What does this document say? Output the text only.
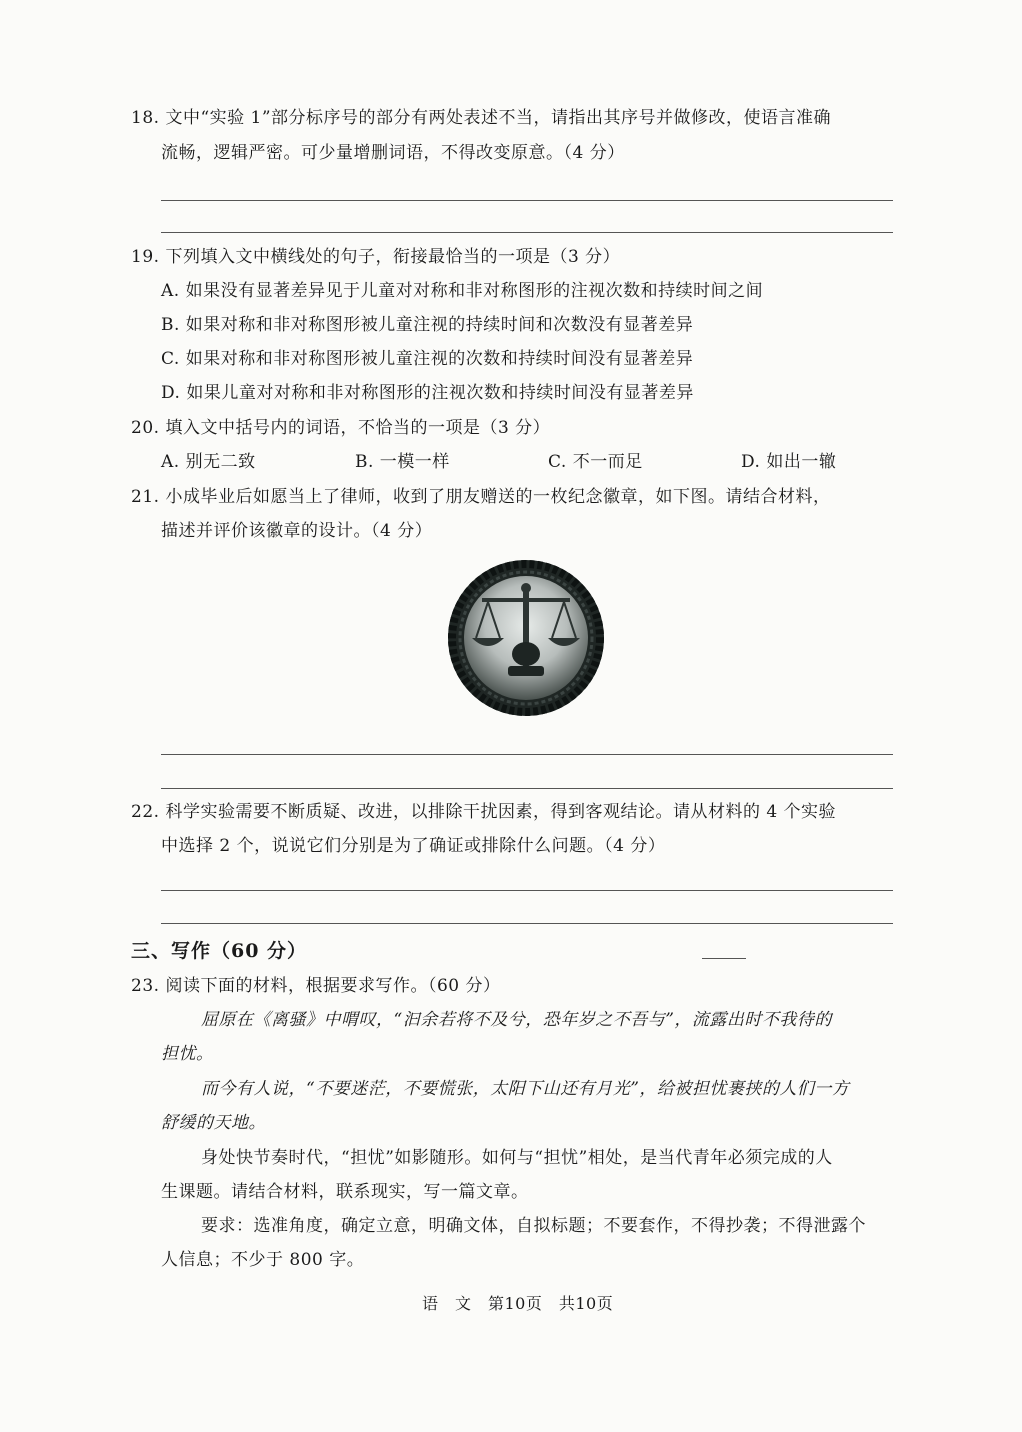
18. 文中“实验 1”部分标序号的部分有两处表述不当，请指出其序号并做修改，使语言准确
流畅，逻辑严密。可少量增删词语，不得改变原意。（4 分）
19. 下列填入文中横线处的句子，衔接最恰当的一项是（3 分）
A. 如果没有显著差异见于儿童对对称和非对称图形的注视次数和持续时间之间
B. 如果对称和非对称图形被儿童注视的持续时间和次数没有显著差异
C. 如果对称和非对称图形被儿童注视的次数和持续时间没有显著差异
D. 如果儿童对对称和非对称图形的注视次数和持续时间没有显著差异
20. 填入文中括号内的词语，不恰当的一项是（3 分）
A. 别无二致	B. 一模一样	C. 不一而足	D. 如出一辙
21. 小成毕业后如愿当上了律师，收到了朋友赠送的一枚纪念徽章，如下图。请结合材料，
描述并评价该徽章的设计。（4 分）
22. 科学实验需要不断质疑、改进，以排除干扰因素，得到客观结论。请从材料的 4 个实验
中选择 2 个，说说它们分别是为了确证或排除什么问题。（4 分）
三、写作（60 分）
23. 阅读下面的材料，根据要求写作。（60 分）
屈原在《离骚》中喟叹，“汩余若将不及兮，恐年岁之不吾与”，流露出时不我待的
担忧。
而今有人说，“不要迷茫，不要慌张，太阳下山还有月光”，给被担忧裹挟的人们一方
舒缓的天地。
身处快节奏时代，“担忧”如影随形。如何与“担忧”相处，是当代青年必须完成的人
生课题。请结合材料，联系现实，写一篇文章。
要求：选准角度，确定立意，明确文体，自拟标题；不要套作，不得抄袭；不得泄露个
人信息；不少于 800 字。
语　文　第10页　共10页
